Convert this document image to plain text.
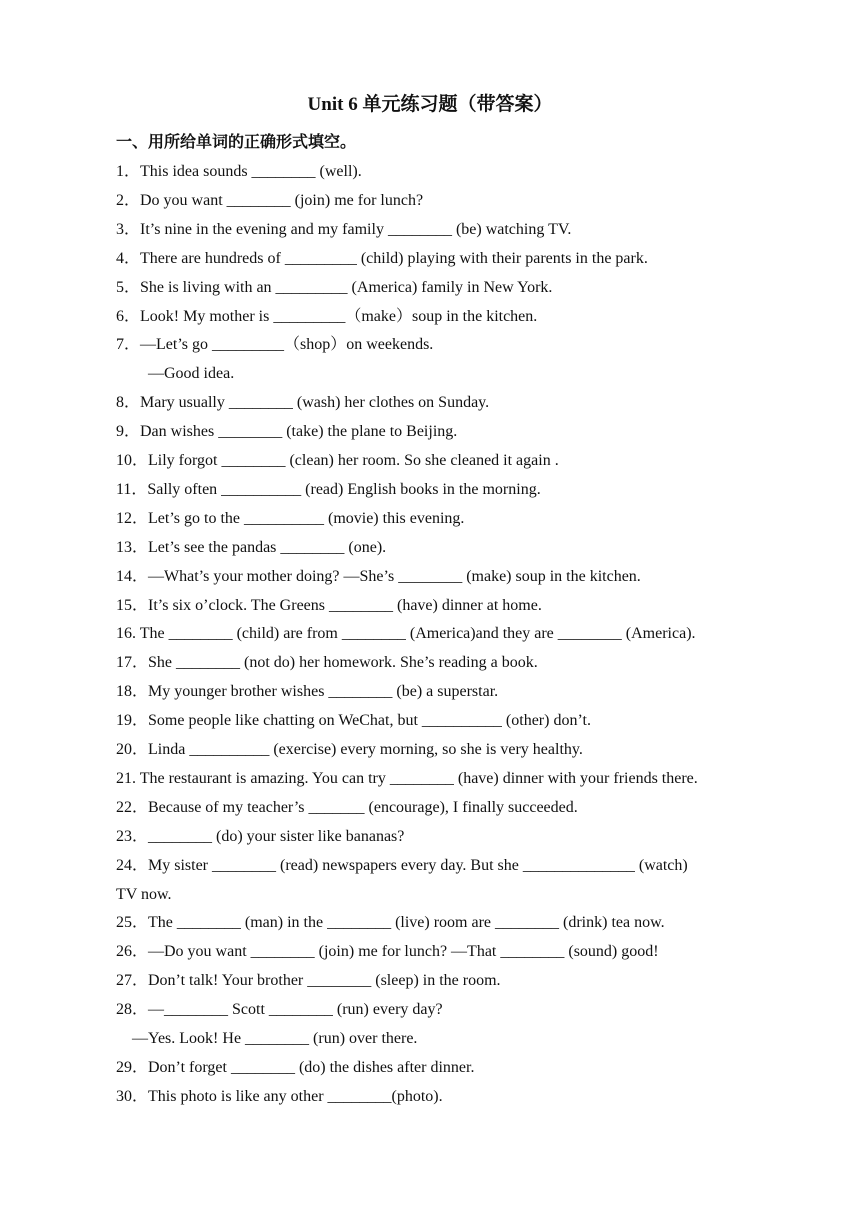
Unit 6 单元练习题（带答案）
一、用所给单词的正确形式填空。
1．This idea sounds ________ (well).
2．Do you want ________ (join) me for lunch?
3．It’s nine in the evening and my family ________ (be) watching TV.
4．There are hundreds of _________ (child) playing with their parents in the park.
5．She is living with an _________ (America) family in New York.
6．Look! My mother is _________（make）soup in the kitchen.
7．—Let’s go _________（shop）on weekends.
—Good idea.
8．Mary usually ________ (wash) her clothes on Sunday.
9．Dan wishes ________ (take) the plane to Beijing.
10．Lily forgot ________ (clean) her room. So she cleaned it again .
11．Sally often __________ (read) English books in the morning.
12．Let’s go to the __________ (movie) this evening.
13．Let’s see the pandas ________ (one).
14．—What’s your mother doing? —She’s ________ (make) soup in the kitchen.
15．It’s six o’clock. The Greens ________ (have) dinner at home.
16. The ________ (child) are from ________ (America)and they are ________ (America).
17．She ________ (not do) her homework. She’s reading a book.
18．My younger brother wishes ________ (be) a superstar.
19．Some people like chatting on WeChat, but __________ (other) don’t.
20．Linda __________ (exercise) every morning, so she is very healthy.
21. The restaurant is amazing. You can try ________ (have) dinner with your friends there.
22．Because of my teacher’s _______ (encourage), I finally succeeded.
23．________ (do) your sister like bananas?
24．My sister ________ (read) newspapers every day. But she ______________ (watch)
TV now.
25．The ________ (man) in the ________ (live) room are ________ (drink) tea now.
26．—Do you want ________ (join) me for lunch? —That ________ (sound) good!
27．Don’t talk! Your brother ________ (sleep) in the room.
28．—________ Scott ________ (run) every day?
—Yes. Look! He ________ (run) over there.
29．Don’t forget ________ (do) the dishes after dinner.
30．This photo is like any other ________(photo).
